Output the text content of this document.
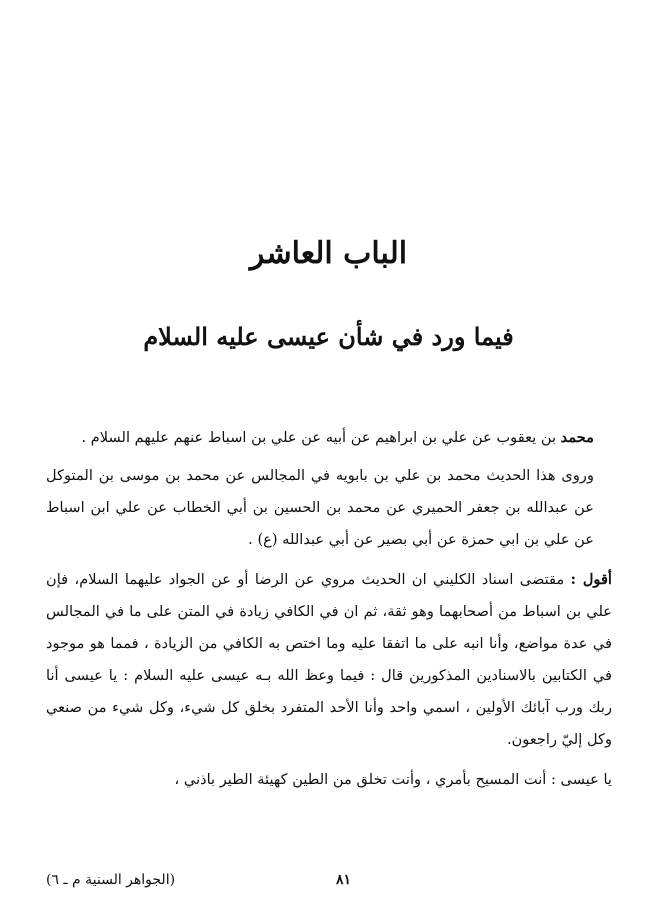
الباب العاشر
فيما ورد في شأن عيسى عليه السلام

محمد بن يعقوب عن علي بن ابراهيم عن أبيه عن علي بن اسباط عنهم عليهم السلام .

وروى هذا الحديث محمد بن علي بن بابويه في المجالس عن محمد بن موسى بن المتوكل عن عبدالله بن جعفر الحميري عن محمد بن الحسين بن أبي الخطاب عن علي ابن اسباط عن علي بن ابي حمزة عن أبي بصير عن أبي عبدالله (ع) .

أقول : مقتضى اسناد الكليني ان الحديث مروي عن الرضا أو عن الجواد عليهما السلام، فإن علي بن اسباط من أصحابهما وهو ثقة، ثم ان في الكافي زيادة في المتن على ما في المجالس في عدة مواضع، وأنا انبه على ما اتفقا عليه وما اختص به الكافي من الزيادة ، فمما هو موجود في الكتابين بالاسنادين المذكورين قال : فيما وعظ الله بـه عيسى عليه السلام : يا عيسى أنا ربك ورب آبائك الأولين ، اسمي واحد وأنا الأحد المتفرد بخلق كل شيء، وكل شيء من صنعي وكل إليّ راجعون.

يا عيسى : أنت المسيح بأمري ، وأنت تخلق من الطين كهيئة الطير باذني ،

٨١
(الجواهر السنية م ـ ٦)
